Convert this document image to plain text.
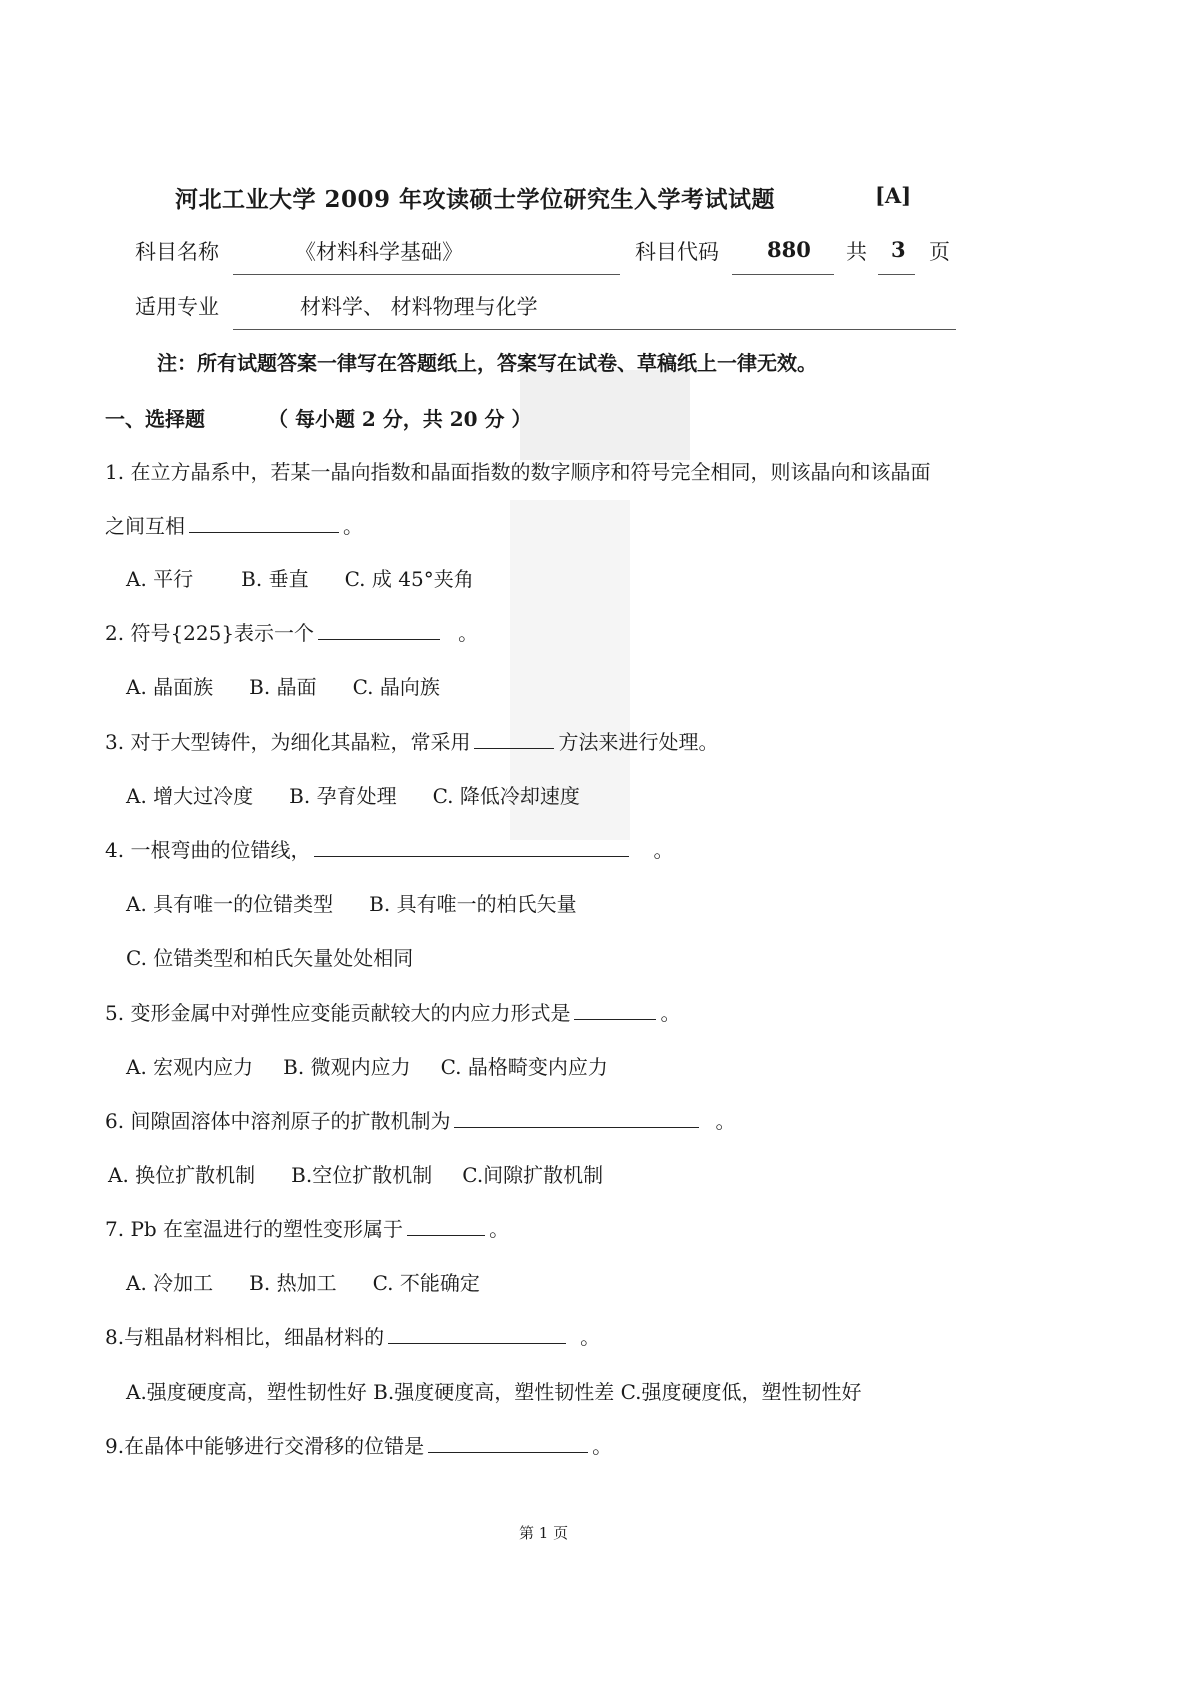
河北工业大学 2009 年攻读硕士学位研究生入学考试试题	[A]
科目名称	《材料科学基础》	科目代码 880 共 3 页
适用专业	材料学、 材料物理与化学
注：所有试题答案一律写在答题纸上，答案写在试卷、草稿纸上一律无效。
一、选择题	（ 每小题 2 分，共 20 分 ）
1. 在立方晶系中，若某一晶向指数和晶面指数的数字顺序和符号完全相同，则该晶向和该晶面
之间互相	。
A. 平行 B. 垂直 C. 成 45°夹角
2. 符号{225}表示一个	。
A. 晶面族 B. 晶面 C. 晶向族
3. 对于大型铸件，为细化其晶粒，常采用	方法来进行处理。
A. 增大过冷度 B. 孕育处理 C. 降低冷却速度
4. 一根弯曲的位错线，	。
A. 具有唯一的位错类型 B. 具有唯一的柏氏矢量
C. 位错类型和柏氏矢量处处相同
5. 变形金属中对弹性应变能贡献较大的内应力形式是	。
A. 宏观内应力 B. 微观内应力 C. 晶格畸变内应力
6. 间隙固溶体中溶剂原子的扩散机制为	。
A. 换位扩散机制 B.空位扩散机制 C.间隙扩散机制
7. Pb 在室温进行的塑性变形属于	。
A. 冷加工 B. 热加工 C. 不能确定
8.与粗晶材料相比，细晶材料的	。
A.强度硬度高，塑性韧性好 B.强度硬度高，塑性韧性差 C.强度硬度低，塑性韧性好
9.在晶体中能够进行交滑移的位错是	。
第 1 页
